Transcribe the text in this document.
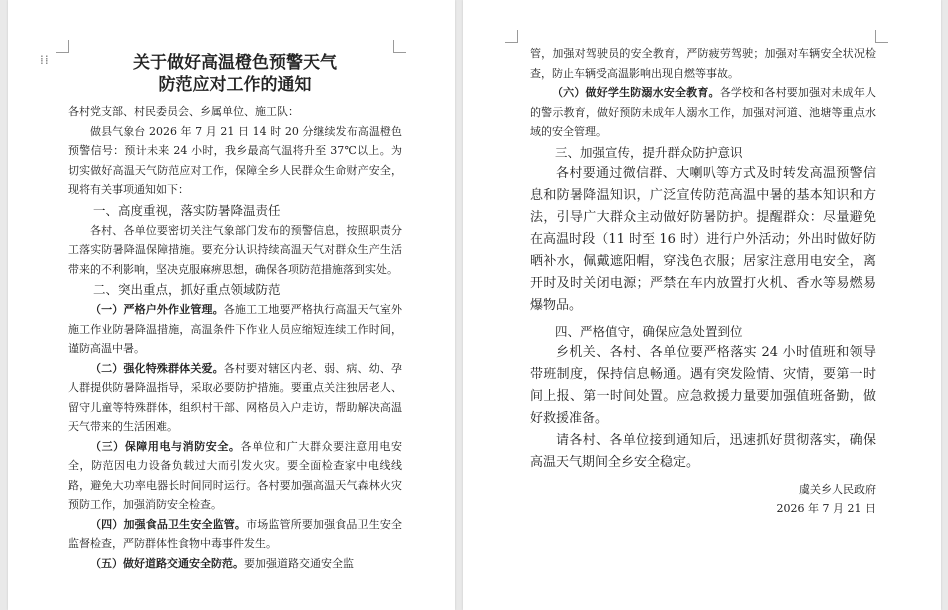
⁞⁞	关于做好高温橙色预警天气
防范应对工作的通知

各村党支部、村民委员会、乡属单位、施工队：

做县气象台 2026 年 7 月 21 日 14 时 20 分继续发布高温橙色预警信号：预计未来 24 小时，我乡最高气温将升至 37℃以上。为切实做好高温天气防范应对工作，保障全乡人民群众生命财产安全，现将有关事项通知如下：

一、高度重视，落实防暑降温责任

各村、各单位要密切关注气象部门发布的预警信息，按照职责分工落实防暑降温保障措施。要充分认识持续高温天气对群众生产生活带来的不利影响，坚决克服麻痹思想，确保各项防范措施落到实处。

二、突出重点，抓好重点领域防范

（一）严格户外作业管理。各施工工地要严格执行高温天气室外施工作业防暑降温措施，高温条件下作业人员应缩短连续工作时间，谨防高温中暑。

（二）强化特殊群体关爱。各村要对辖区内老、弱、病、幼、孕人群提供防暑降温指导，采取必要防护措施。要重点关注独居老人、留守儿童等特殊群体，组织村干部、网格员入户走访，帮助解决高温天气带来的生活困难。

（三）保障用电与消防安全。各单位和广大群众要注意用电安全，防范因电力设备负载过大而引发火灾。要全面检查家中电线线路，避免大功率电器长时间同时运行。各村要加强高温天气森林火灾预防工作，加强消防安全检查。

（四）加强食品卫生安全监管。市场监管所要加强食品卫生安全监督检查，严防群体性食物中毒事件发生。

（五）做好道路交通安全防范。要加强道路交通安全监

管，加强对驾驶员的安全教育，严防疲劳驾驶；加强对车辆安全状况检查，防止车辆受高温影响出现自燃等事故。

（六）做好学生防溺水安全教育。各学校和各村要加强对未成年人的警示教育，做好预防未成年人溺水工作，加强对河道、池塘等重点水域的安全管理。

三、加强宣传，提升群众防护意识

各村要通过微信群、大喇叭等方式及时转发高温预警信息和防暑降温知识，广泛宣传防范高温中暑的基本知识和方法，引导广大群众主动做好防暑防护。提醒群众：尽量避免在高温时段（11 时至 16 时）进行户外活动；外出时做好防晒补水，佩戴遮阳帽，穿浅色衣服；居家注意用电安全，离开时及时关闭电源；严禁在车内放置打火机、香水等易燃易爆物品。

四、严格值守，确保应急处置到位

乡机关、各村、各单位要严格落实 24 小时值班和领导带班制度，保持信息畅通。遇有突发险情、灾情，要第一时间上报、第一时间处置。应急救援力量要加强值班备勤，做好救援准备。

请各村、各单位接到通知后，迅速抓好贯彻落实，确保高温天气期间全乡安全稳定。

虞关乡人民政府

2026 年 7 月 21 日
